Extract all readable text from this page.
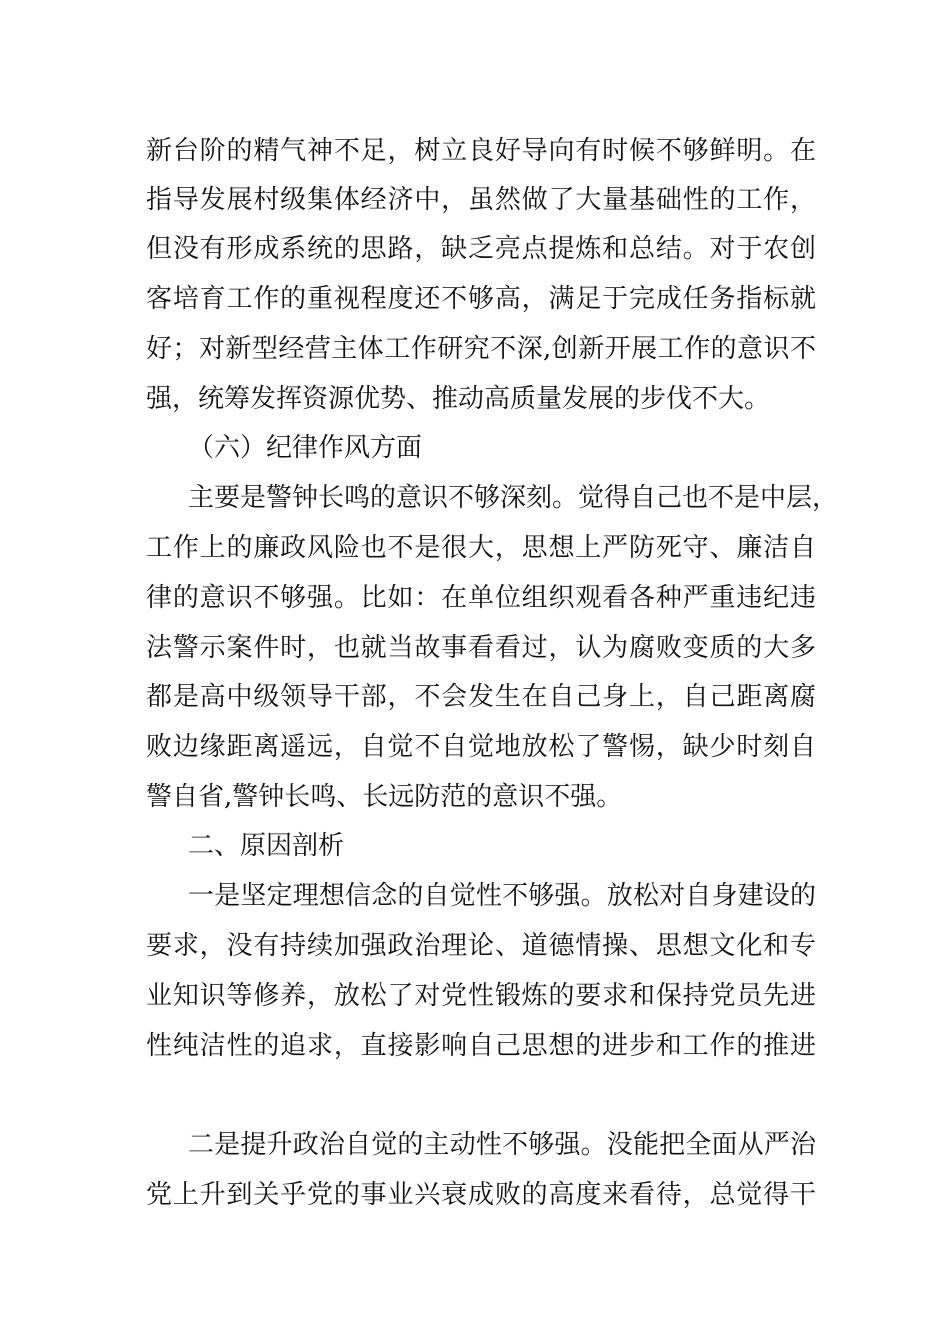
新台阶的精气神不足，树立良好导向有时候不够鲜明。在
指导发展村级集体经济中，虽然做了大量基础性的工作，
但没有形成系统的思路，缺乏亮点提炼和总结。对于农创
客培育工作的重视程度还不够高，满足于完成任务指标就
好；对新型经营主体工作研究不深,创新开展工作的意识不
强，统筹发挥资源优势、推动高质量发展的步伐不大。
（六）纪律作风方面
主要是警钟长鸣的意识不够深刻。觉得自己也不是中层，
工作上的廉政风险也不是很大，思想上严防死守、廉洁自
律的意识不够强。比如：在单位组织观看各种严重违纪违
法警示案件时，也就当故事看看过，认为腐败变质的大多
都是高中级领导干部，不会发生在自己身上，自己距离腐
败边缘距离遥远，自觉不自觉地放松了警惕，缺少时刻自
警自省,警钟长鸣、长远防范的意识不强。
二、原因剖析
一是坚定理想信念的自觉性不够强。放松对自身建设的
要求，没有持续加强政治理论、道德情操、思想文化和专
业知识等修养，放松了对党性锻炼的要求和保持党员先进
性纯洁性的追求，直接影响自己思想的进步和工作的推进
二是提升政治自觉的主动性不够强。没能把全面从严治
党上升到关乎党的事业兴衰成败的高度来看待，总觉得干
